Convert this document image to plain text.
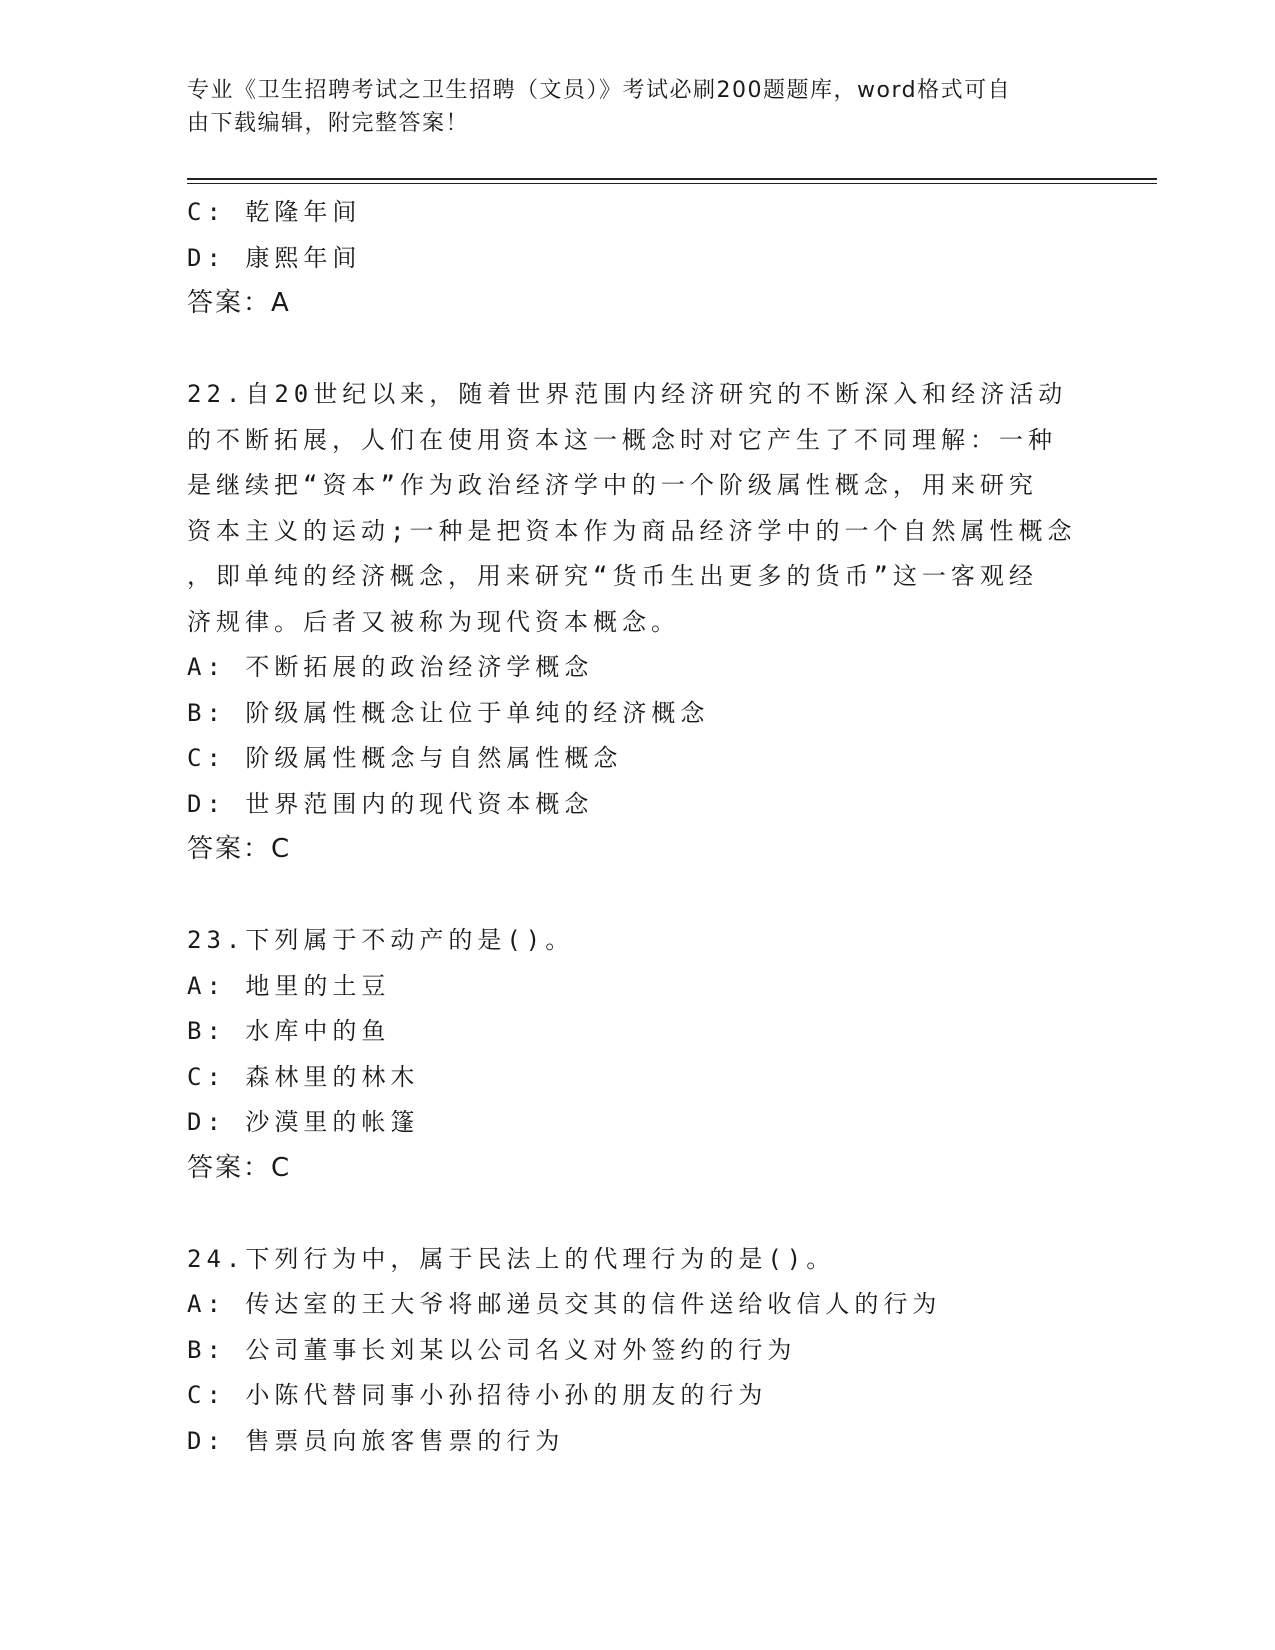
专业《卫生招聘考试之卫生招聘（文员）》考试必刷200题题库，word格式可自
由下载编辑，附完整答案！
C: 乾隆年间
D: 康熙年间
答案：A
22.自20世纪以来，随着世界范围内经济研究的不断深入和经济活动
的不断拓展，人们在使用资本这一概念时对它产生了不同理解：一种
是继续把“资本”作为政治经济学中的一个阶级属性概念，用来研究
资本主义的运动;一种是把资本作为商品经济学中的一个自然属性概念
，即单纯的经济概念，用来研究“货币生出更多的货币”这一客观经
济规律。后者又被称为现代资本概念。
A: 不断拓展的政治经济学概念
B: 阶级属性概念让位于单纯的经济概念
C: 阶级属性概念与自然属性概念
D: 世界范围内的现代资本概念
答案：C
23.下列属于不动产的是()。
A: 地里的土豆
B: 水库中的鱼
C: 森林里的林木
D: 沙漠里的帐篷
答案：C
24.下列行为中，属于民法上的代理行为的是()。
A: 传达室的王大爷将邮递员交其的信件送给收信人的行为
B: 公司董事长刘某以公司名义对外签约的行为
C: 小陈代替同事小孙招待小孙的朋友的行为
D: 售票员向旅客售票的行为
